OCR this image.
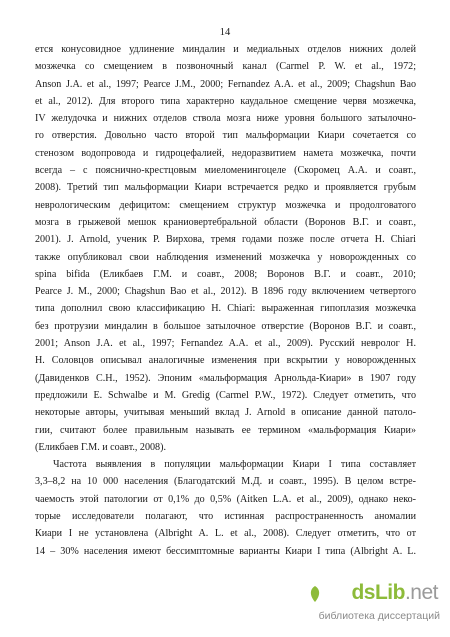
14
ется конусовидное удлинение миндалин и медиальных отделов нижних долей
мозжечка со смещением в позвоночный канал (Carmel P. W. et al., 1972;
Anson J.A. et al., 1997; Pearce J.M., 2000; Fernandez A.A. et al., 2009; Chagshun Bao
et al., 2012). Для второго типа характерно каудальное смещение червя мозжечка,
IV желудочка и нижних отделов ствола мозга ниже уровня большого затылочно-
го отверстия. Довольно часто второй тип мальформации Киари сочетается со
стенозом водопровода и гидроцефалией, недоразвитием намета мозжечка, почти
всегда – с пояснично-крестцовым миеломенингоцеле (Скоромец А.А. и соавт.,
2008). Третий тип мальформации Киари встречается редко и проявляется грубым
неврологическим дефицитом: смещением структур мозжечка и продолговатого
мозга в грыжевой мешок краниовертебральной области (Воронов В.Г. и соавт.,
2001). J. Arnold, ученик Р. Вирхова, тремя годами позже после отчета H. Chiari
также опубликовал свои наблюдения изменений мозжечка у новорожденных со
spina bifida (Еликбаев Г.М. и соавт., 2008; Воронов В.Г. и соавт., 2010;
Pearce J. M., 2000; Chagshun Bao et al., 2012). В 1896 году включением четвертого
типа дополнил свою классификацию H. Chiari: выраженная гипоплазия мозжечка
без протрузии миндалин в большое затылочное отверстие (Воронов В.Г. и соавт.,
2001; Anson J.A. et al., 1997; Fernandez A.A. et al., 2009). Русский невролог Н.
Н. Соловцов описывал аналогичные изменения при вскрытии у новорожденных
(Давиденков С.Н., 1952). Эпоним «мальформация Арнольда-Киари» в 1907 году
предложили E. Schwalbe и M. Gredig (Carmel P.W., 1972). Следует отметить, что
некоторые авторы, учитывая меньший вклад J. Arnold в описание данной патоло-
гии, считают более правильным называть ее термином «мальформация Киари»
(Еликбаев Г.М. и соавт., 2008).
Частота выявления в популяции мальформации Киари I типа составляет
3,3–8,2 на 10 000 населения (Благодатский М.Д. и соавт., 1995). В целом встре-
чаемость этой патологии от 0,1% до 0,5% (Aitken L.A. et al., 2009), однако неко-
торые исследователи полагают, что истинная распространенность аномалии
Киари I не установлена (Albright A. L. et al., 2008). Следует отметить, что от
14 – 30% населения имеют бессимптомные варианты Киари I типа (Albright A. L.
dsLib.net
библиотека диссертаций
